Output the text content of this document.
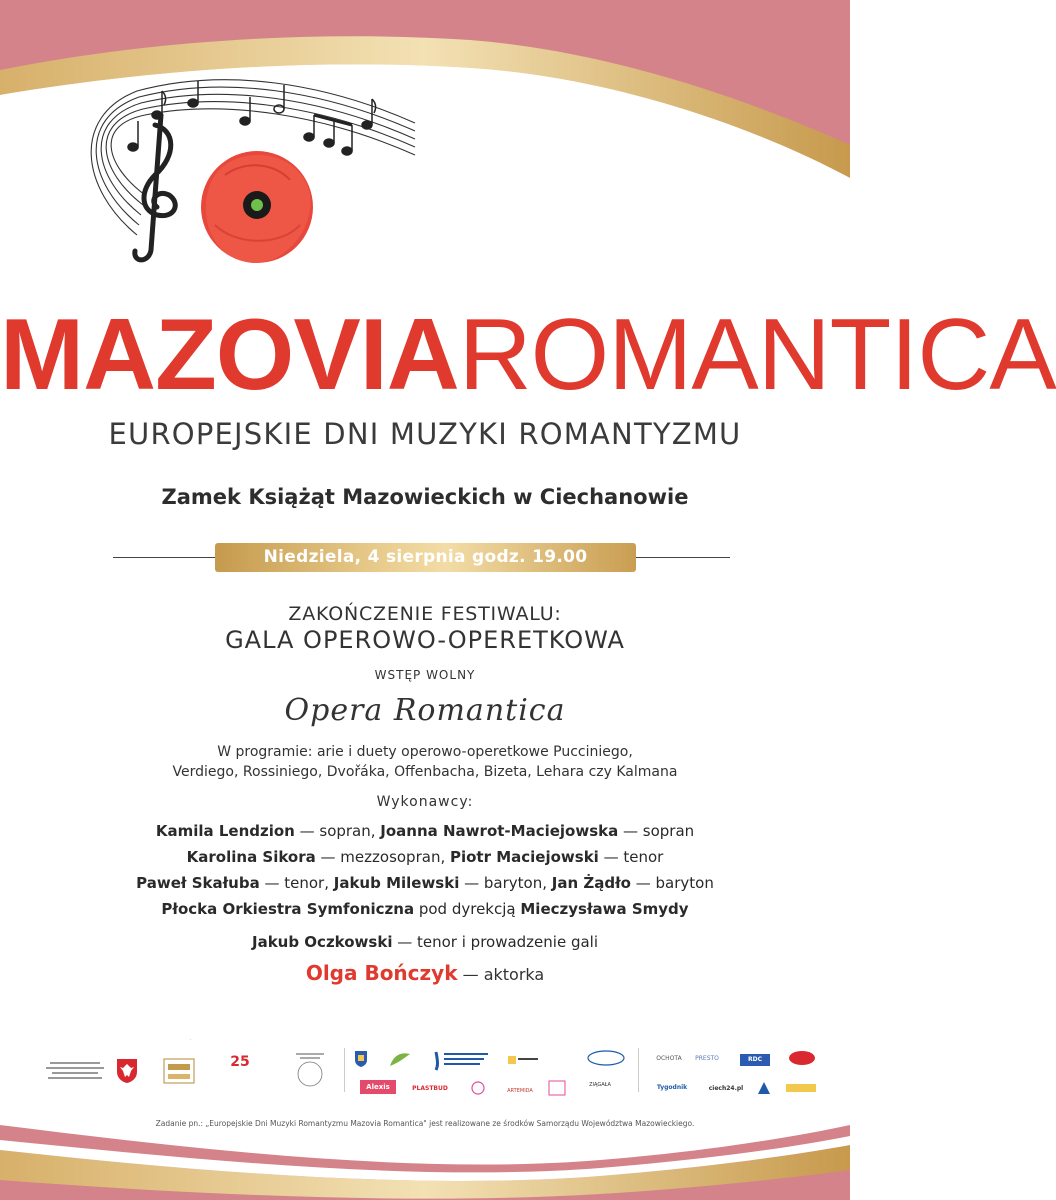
MAZOVIAROMANTICA
EUROPEJSKIE DNI MUZYKI ROMANTYZMU
Zamek Książąt Mazowieckich w Ciechanowie
Niedziela, 4 sierpnia godz. 19.00
ZAKOŃCZENIE FESTIWALU:
GALA OPEROWO-OPERETKOWA
WSTĘP WOLNY
Opera Romantica
W programie: arie i duety operowo-operetkowe Pucciniego,
Verdiego, Rossiniego, Dvořáka, Offenbacha, Bizeta, Lehara czy Kalmana
Wykonawcy:
Kamila Lendzion — sopran, Joanna Nawrot-Maciejowska — sopran
Karolina Sikora — mezzosopran, Piotr Maciejowski — tenor
Paweł Skałuba — tenor, Jakub Milewski — baryton, Jan Żądło — baryton
Płocka Orkiestra Symfoniczna pod dyrekcją Mieczysława Smydy
Jakub Oczkowski — tenor i prowadzenie gali
Olga Bończyk — aktorka
·
25
Alexis	PLASTBUD	ARTEMIDA
ZIĄGAŁA
OCHOTA	PRESTO	RDC
Tygodnik	ciech24.pl
Zadanie pn.: „Europejskie Dni Muzyki Romantyzmu Mazovia Romantica" jest realizowane ze środków Samorządu Województwa Mazowieckiego.
